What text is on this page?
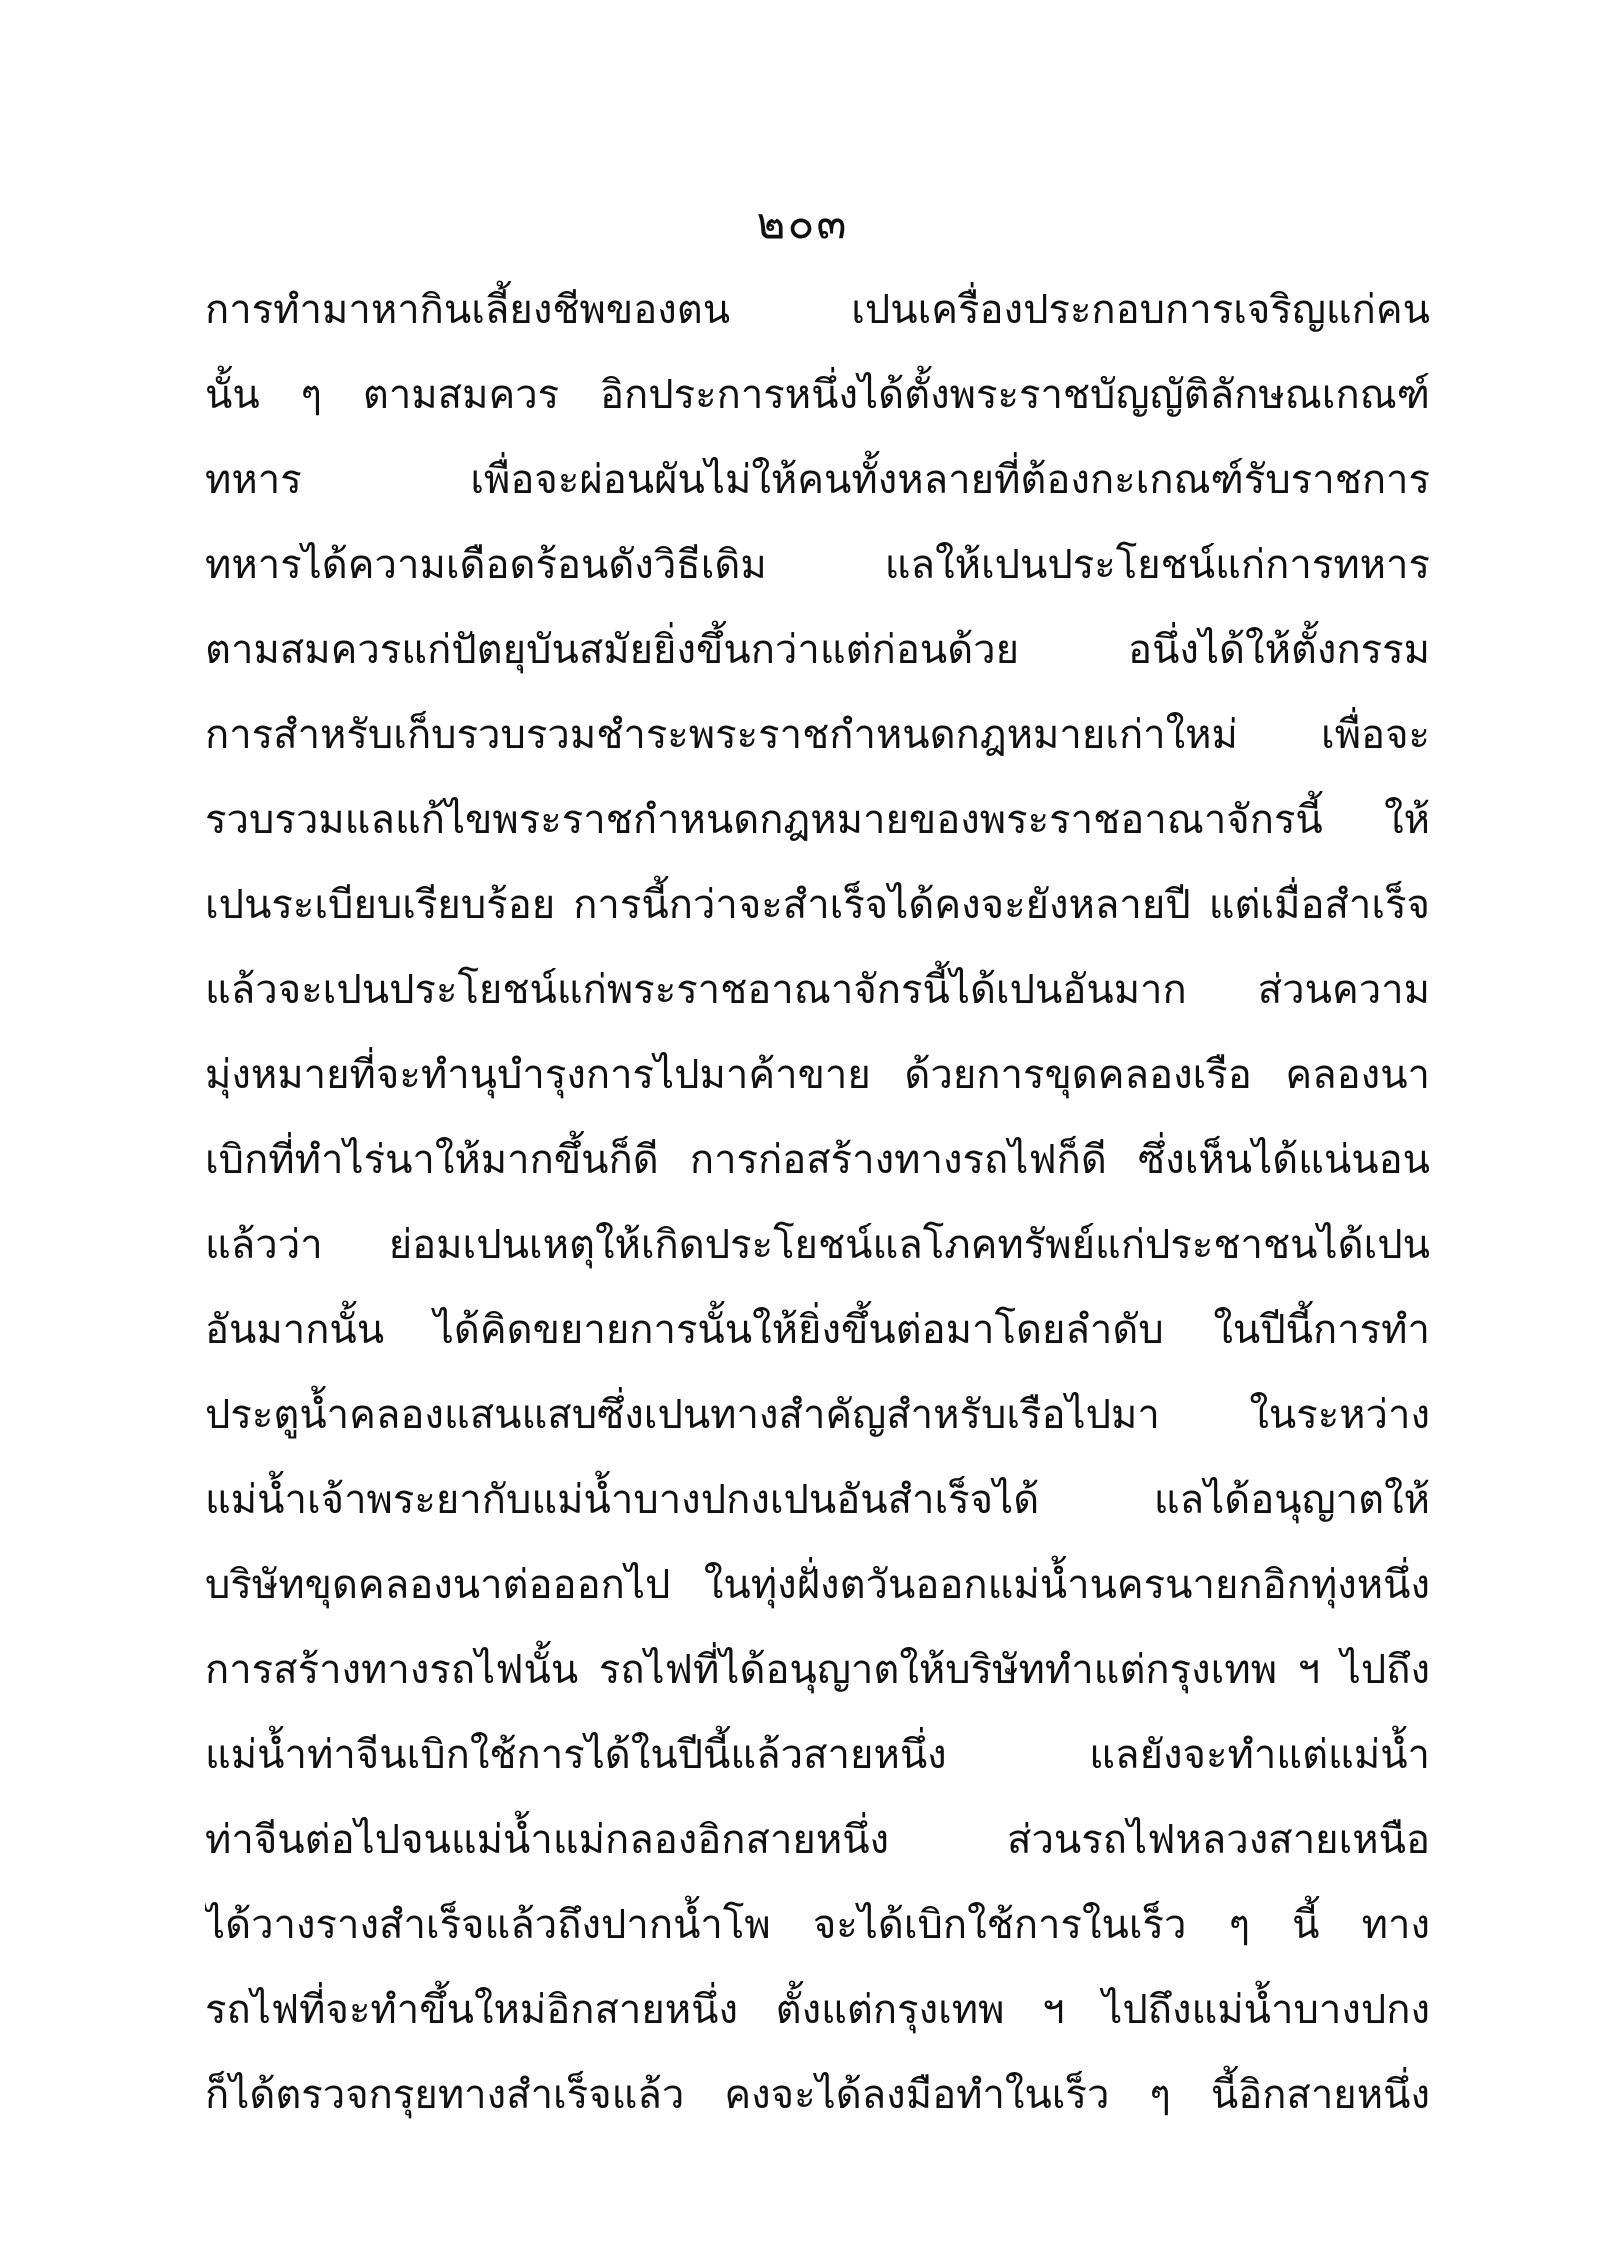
๒๐๓
การทำมาหากินเลี้ยงชีพของตน เปนเครื่องประกอบการเจริญแก่คน
นั้น ๆ ตามสมควร อิกประการหนึ่งได้ตั้งพระราชบัญญัติลักษณเกณฑ์
ทหาร เพื่อจะผ่อนผันไม่ให้คนทั้งหลายที่ต้องกะเกณฑ์รับราชการ
ทหารได้ความเดือดร้อนดังวิธีเดิม แลให้เปนประโยชน์แก่การทหาร
ตามสมควรแก่ปัตยุบันสมัยยิ่งขึ้นกว่าแต่ก่อนด้วย อนึ่งได้ให้ตั้งกรรม
การสำหรับเก็บรวบรวมชำระพระราชกำหนดกฎหมายเก่าใหม่ เพื่อจะ
รวบรวมแลแก้ไขพระราชกำหนดกฎหมายของพระราชอาณาจักรนี้ ให้
เปนระเบียบเรียบร้อย การนี้กว่าจะสำเร็จได้คงจะยังหลายปี แต่เมื่อสำเร็จ
แล้วจะเปนประโยชน์แก่พระราชอาณาจักรนี้ได้เปนอันมาก ส่วนความ
มุ่งหมายที่จะทำนุบำรุงการไปมาค้าขาย ด้วยการขุดคลองเรือ คลองนา
เบิกที่ทำไร่นาให้มากขึ้นก็ดี การก่อสร้างทางรถไฟก็ดี ซึ่งเห็นได้แน่นอน
แล้วว่า ย่อมเปนเหตุให้เกิดประโยชน์แลโภคทรัพย์แก่ประชาชนได้เปน
อันมากนั้น ได้คิดขยายการนั้นให้ยิ่งขึ้นต่อมาโดยลำดับ ในปีนี้การทำ
ประตูน้ำคลองแสนแสบซึ่งเปนทางสำคัญสำหรับเรือไปมา ในระหว่าง
แม่น้ำเจ้าพระยากับแม่น้ำบางปกงเปนอันสำเร็จได้ แลได้อนุญาตให้
บริษัทขุดคลองนาต่อออกไป ในทุ่งฝั่งตวันออกแม่น้ำนครนายกอิกทุ่งหนึ่ง
การสร้างทางรถไฟนั้น รถไฟที่ได้อนุญาตให้บริษัททำแต่กรุงเทพ ฯ ไปถึง
แม่น้ำท่าจีนเบิกใช้การได้ในปีนี้แล้วสายหนึ่ง แลยังจะทำแต่แม่น้ำ
ท่าจีนต่อไปจนแม่น้ำแม่กลองอิกสายหนึ่ง ส่วนรถไฟหลวงสายเหนือ
ได้วางรางสำเร็จแล้วถึงปากน้ำโพ จะได้เบิกใช้การในเร็ว ๆ นี้ ทาง
รถไฟที่จะทำขึ้นใหม่อิกสายหนึ่ง ตั้งแต่กรุงเทพ ฯ ไปถึงแม่น้ำบางปกง
ก็ได้ตรวจกรุยทางสำเร็จแล้ว คงจะได้ลงมือทำในเร็ว ๆ นี้อิกสายหนึ่ง
